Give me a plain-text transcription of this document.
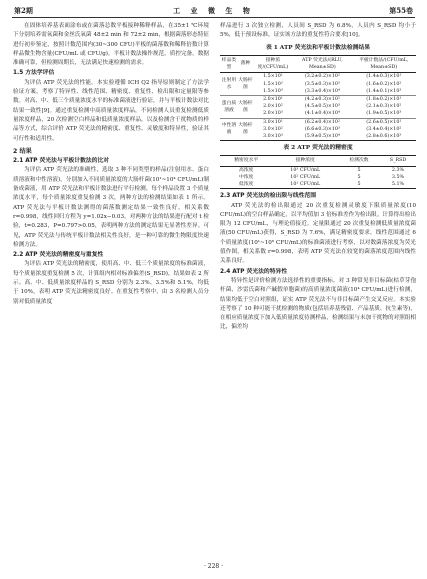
第2期	工 业 微 生 物	第55卷

在固体培养基表面涂布或在菌落总数平板接种稀释样品，在35±1 ℃环境下分别培养需氧菌和金丝氏氧菌 48±2 min 和 72±2 min，根据菌落形态特征进行初步鉴定，按照计数范围内(30~300 CFU)平板的菌落数和稀释倍数计算样品微生物含量(CFU/mL 或 CFU/g)。平板计数法操作规范，质控完备，数据准确可靠，但检测周期长，无法满足快速检测的需求。

1.5 方法学评估

为评估 ATP 荧光法的性能。本实验遵循 ICH Q2 指导原则制定了方法学验证方案，考察了特异性、线性范围、精密度、重复性、检出限和定量限等参数。对高、中、低三个质量浓度水平的标准菌液进行验证，并与平板计数法对比结果一致性[9]。通过重复检测中高质量浓度样品，不同检测人员重复检测低质量浓度样品，20 次检测空白样品和低质量浓度样品，以及检测含干扰物质的样品等方式，综合评价 ATP 荧光法的精密度、重复性、灵敏度和特异性，验证其可行性和适用性。

2 结果
2.1 ATP 荧光法与平板计数法的比对

为评估 ATP 荧光法的准确性，选取 3 种不同类型的样品(注射用水、蛋白质溶液和中性溶液)，分别加入不同质量浓度的大肠杆菌(10¹~10⁴ CFU/mL)制备成菌液，用 ATP 荧光法和平板计数法进行平行检测。每个样品设置 3 个质量浓度水平，每个质量浓度重复检测 3 次，两种方法的检测结果如表 1 所示。ATP 荧光法与平板计数法测得的菌落数测定结果一致性良好，相关系数 r=0.998，线性回归方程为 y=1.02x−0.03。对两种方法的结果进行配对 t 检验，t=0.283，P=0.797>0.05，表明两种方法的测定结果无显著性差异。可见，ATP 荧光法与传统平板计数法相关性良好，是一种可靠的微生物限度快速检测方法。

2.2 ATP 荧光法的精密度与重复性

为评估 ATP 荧光法的精密度，使用高、中、低三个质量浓度的标准菌液，每个质量浓度重复检测 5 次，计算组内相对标准偏差(S_RSD)，结果如表 2 所示。高、中、低质量浓度样品的 S_RSD 分别为 2.3%、3.5%和 5.1%，均低于 10%，表明 ATP 荧光法精密度良好。在重复性考察中，由 3 名检测人员分别对低质量浓度

样品进行 3 次独立检测，人员间 S_RSD 为 6.8%，人员内 S_RSD 均小于 5%，低于预设标准，证实该方法的重复性符合要求[10]。

表 1 ATP 荧光法和平板计数法检测结果
样品类型	菌种	接种浓度/(CFU/mL)	ATP 荧光法/(RLU, Mean±SD)	平板计数法/(CFU/mL, Mean±SD)
注射用水	大肠杆菌	1.5×10¹	(3.2±0.2)×10²	(1.4±0.3)×10¹
		1.5×10²	(3.5±0.3)×10³	(1.6±0.2)×10²
		1.5×10³	(3.3±0.4)×10⁴	(1.4±0.1)×10³
蛋白质溶液	大肠杆菌	2.0×10¹	(4.2±0.3)×10²	(1.8±0.2)×10¹
		2.0×10²	(4.5±0.5)×10³	(2.1±0.3)×10²
		2.0×10³	(4.1±0.4)×10⁴	(1.9±0.5)×10³
中性溶液	大肠杆菌	3.0×10¹	(6.2±0.4)×10²	(2.6±0.5)×10¹
		3.0×10²	(6.6±0.3)×10³	(3.4±0.4)×10²
		3.0×10³	(5.9±0.5)×10⁴	(2.8±0.6)×10³
表 2 ATP 荧光法的精密度
精密度水平	接种浓度	检测次数	S_RSD
高浓度	10³ CFU/mL	5	2.3%
中浓度	10² CFU/mL	5	3.5%
低浓度	10¹ CFU/mL	5	5.1%
2.3 ATP 荧光法的检出限与线性范围

ATP 荧光法的检出限通过 20 次重复检测灵敏度下限质量浓度(10 CFU/mL)的空白样品确定，以平均值加 3 倍标准差作为检出限。计算得出检出限为 12 CFU/mL，与理论值接近。定量限通过 20 次重复检测低质量浓度菌液(50 CFU/mL)获得，S_RSD 为 7.6%，满足精密度要求。线性范围通过 6 个质量浓度(10¹~10⁶ CFU/mL)的标准菌液进行考察，以对数菌落浓度为荧光值作图，相关系数 r=0.998，表明 ATP 荧光法在较宽的菌落浓度范围内线性关系良好。

2.4 ATP 荧光法的特异性

特异性是评价检测方法选择性的重要指标。对 3 种常见非目标菌(枯草芽孢杆菌、沙雷氏菌和产碱假单胞菌)的高质量浓度菌液(10⁴ CFU/mL)进行检测，结果均低于空白对照组，证实 ATP 荧光法不与非目标菌产生交叉反应。本实验还考察了 10 种可能干扰检测的物质(包括培养基残留、产品基质、抗生素等)，在相应质量浓度下加入低质量浓度待测样品，检测结果与未加干扰物的对照组相比，偏差均

· 228 ·
